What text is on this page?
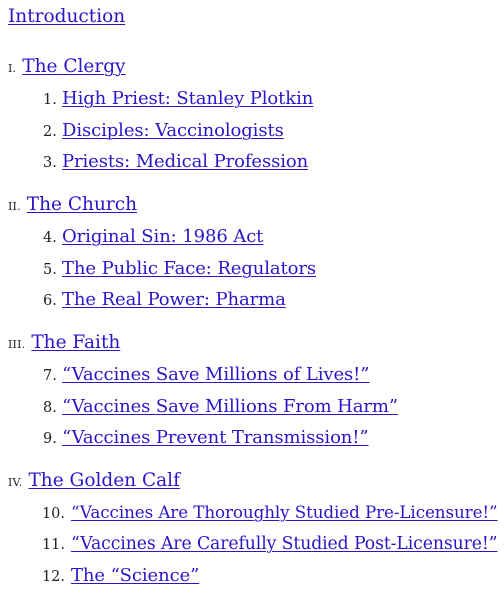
Introduction
I. The Clergy
1. High Priest: Stanley Plotkin
2. Disciples: Vaccinologists
3. Priests: Medical Profession
II. The Church
4. Original Sin: 1986 Act
5. The Public Face: Regulators
6. The Real Power: Pharma
III. The Faith
7. “Vaccines Save Millions of Lives!”
8. “Vaccines Save Millions From Harm”
9. “Vaccines Prevent Transmission!”
IV. The Golden Calf
10. “Vaccines Are Thoroughly Studied Pre-Licensure!”
11. “Vaccines Are Carefully Studied Post-Licensure!”
12. The “Science”
